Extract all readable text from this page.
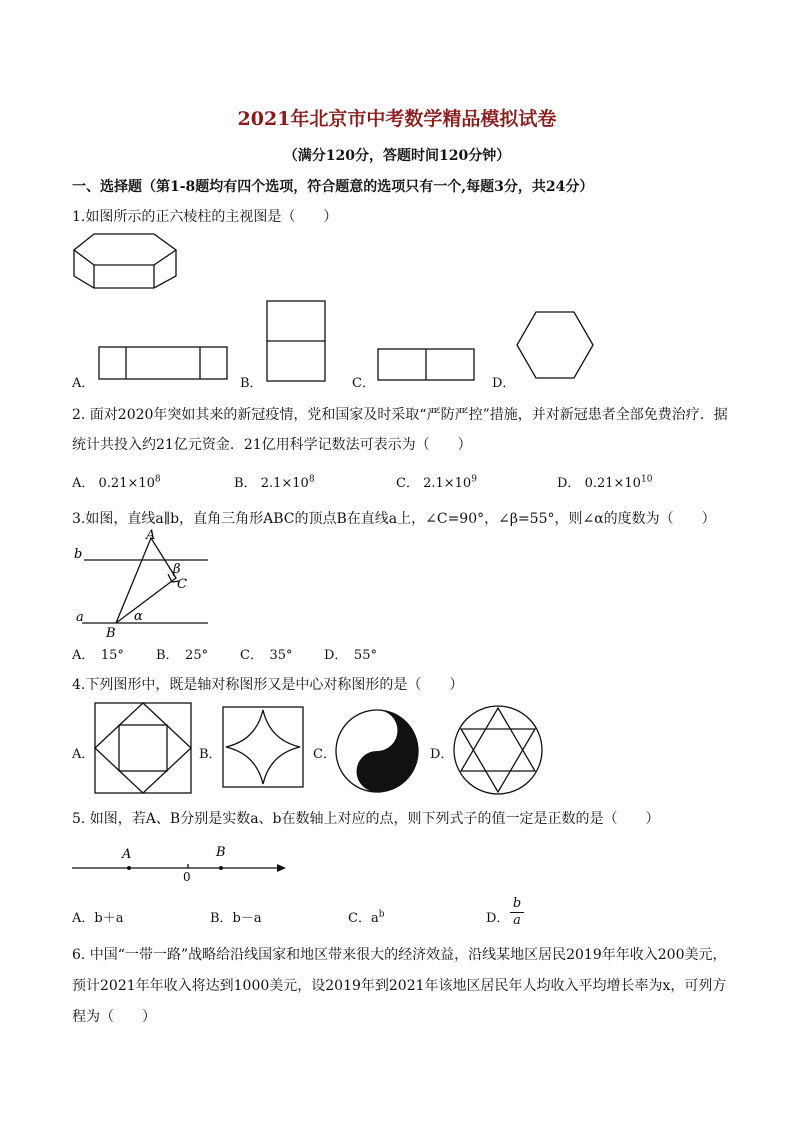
2021年北京市中考数学精品模拟试卷
（满分120分，答题时间120分钟）
一、选择题（第1-8题均有四个选项，符合题意的选项只有一个,每题3分，共24分）
1.如图所示的正六棱柱的主视图是（　　）
A．	B．	C．	D．
2. 面对2020年突如其来的新冠疫情，党和国家及时采取“严防严控”措施，并对新冠患者全部免费治疗．据
统计共投入约21亿元资金．21亿用科学记数法可表示为（　　）
A． $0.21\times 10^8$	B． $2.1\times 10^8$	C． $2.1\times 10^9$	D． $0.21\times 10^{10}$
3.如图，直线a∥b，直角三角形ABC的顶点B在直线a上，∠C=90°，∠β=55°，则∠α的度数为（　　）
b
a
A
B
C
β
α
A．　15° B．　25° C．　35° D．　55°
4.下列图形中，既是轴对称图形又是中心对称图形的是（　　）
A．	B．	C．	D．
5. 如图，若A、B分别是实数a、b在数轴上对应的点，则下列式子的值一定是正数的是（　　）
A	B
0
A．b＋a	B．b－a	C．$a^b$	D．
b
a
6. 中国“一带一路”战略给沿线国家和地区带来很大的经济效益，沿线某地区居民2019年年收入200美元，
预计2021年年收入将达到1000美元，设2019年到2021年该地区居民年人均收入平均增长率为x，可列方
程为（　　）
